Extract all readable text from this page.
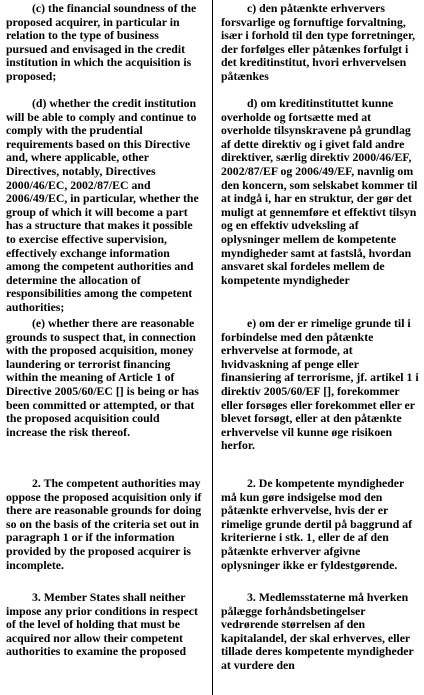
(c) the financial soundness of the proposed acquirer, in particular in relation to the type of business pursued and envisaged in the credit institution in which the acquisition is proposed;

(d) whether the credit institution will be able to comply and continue to comply with the prudential requirements based on this Directive and, where applicable, other Directives, notably, Directives 2000/46/EC, 2002/87/EC and 2006/49/EC, in particular, whether the group of which it will become a part has a structure that makes it possible to exercise effective supervision, effectively exchange information among the competent authorities and determine the allocation of responsibilities among the competent authorities;

(e) whether there are reasonable grounds to suspect that, in connection with the proposed acquisition, money laundering or terrorist financing within the meaning of Article 1 of Directive 2005/60/EC [] is being or has been committed or attempted, or that the proposed acquisition could increase the risk thereof.

2. The competent authorities may oppose the proposed acquisition only if there are reasonable grounds for doing so on the basis of the criteria set out in paragraph 1 or if the information provided by the proposed acquirer is incomplete.

3. Member States shall neither impose any prior conditions in respect of the level of holding that must be acquired nor allow their competent authorities to examine the proposed

c) den påtænkte erhververs forsvarlige og fornuftige forvaltning, især i forhold til den type forretninger, der forfølges eller påtænkes forfulgt i det kreditinstitut, hvori erhvervelsen påtænkes

d) om kreditinstituttet kunne overholde og fortsætte med at overholde tilsynskravene på grundlag af dette direktiv og i givet fald andre direktiver, særlig direktiv 2000/46/EF, 2002/87/EF og 2006/49/EF, navnlig om den koncern, som selskabet kommer til at indgå i, har en struktur, der gør det muligt at gennemføre et effektivt tilsyn og en effektiv udveksling af oplysninger mellem de kompetente myndigheder samt at fastslå, hvordan ansvaret skal fordeles mellem de kompetente myndigheder

e) om der er rimelige grunde til i forbindelse med den påtænkte erhvervelse at formode, at hvidvaskning af penge eller finansiering af terrorisme, jf. artikel 1 i direktiv 2005/60/EF [], forekommer eller forsøges eller forekommet eller er blevet forsøgt, eller at den påtænkte erhvervelse vil kunne øge risikoen herfor.

2. De kompetente myndigheder må kun gøre indsigelse mod den påtænkte erhvervelse, hvis der er rimelige grunde dertil på baggrund af kriterierne i stk. 1, eller de af den påtænkte erhverver afgivne oplysninger ikke er fyldestgørende.

3. Medlemsstaterne må hverken pålægge forhåndsbetingelser vedrørende størrelsen af den kapitalandel, der skal erhverves, eller tillade deres kompetente myndigheder at vurdere den
